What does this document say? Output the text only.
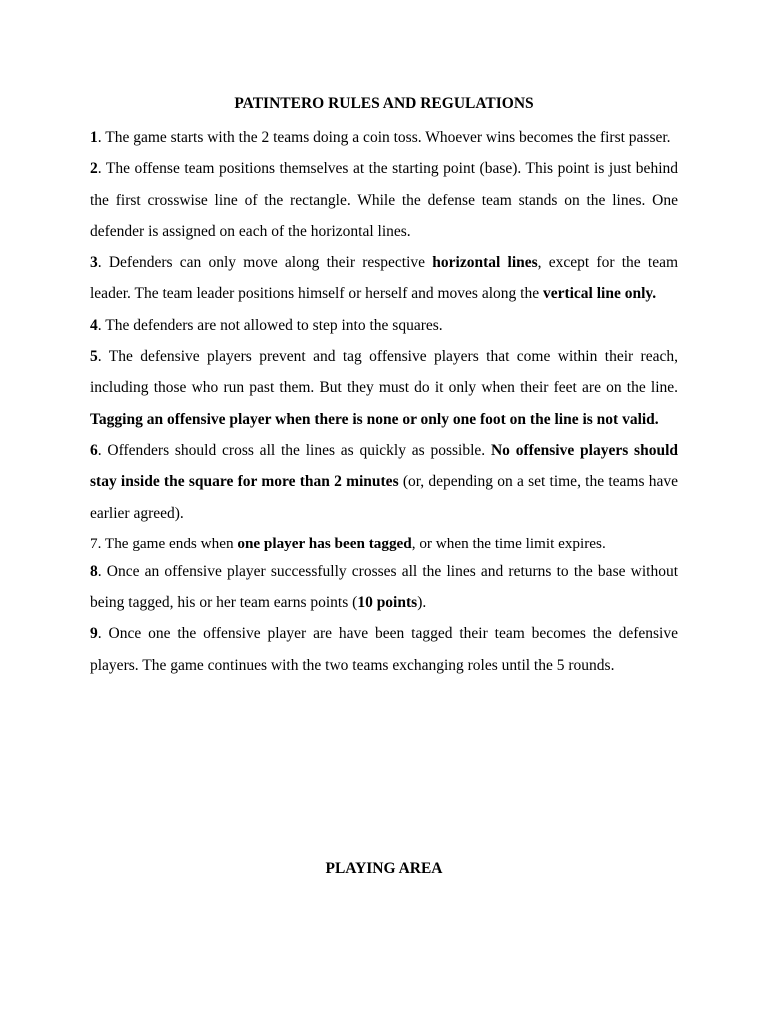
PATINTERO RULES AND REGULATIONS

1. The game starts with the 2 teams doing a coin toss. Whoever wins becomes the first passer.

2. The offense team positions themselves at the starting point (base). This point is just behind the first crosswise line of the rectangle. While the defense team stands on the lines. One defender is assigned on each of the horizontal lines.

3. Defenders can only move along their respective horizontal lines, except for the team leader. The team leader positions himself or herself and moves along the vertical line only.

4. The defenders are not allowed to step into the squares.

5. The defensive players prevent and tag offensive players that come within their reach, including those who run past them. But they must do it only when their feet are on the line. Tagging an offensive player when there is none or only one foot on the line is not valid.

6. Offenders should cross all the lines as quickly as possible. No offensive players should stay inside the square for more than 2 minutes (or, depending on a set time, the teams have earlier agreed).

7. The game ends when one player has been tagged, or when the time limit expires.

8. Once an offensive player successfully crosses all the lines and returns to the base without being tagged, his or her team earns points (10 points).

9. Once one the offensive player are have been tagged their team becomes the defensive players. The game continues with the two teams exchanging roles until the 5 rounds.

PLAYING AREA
